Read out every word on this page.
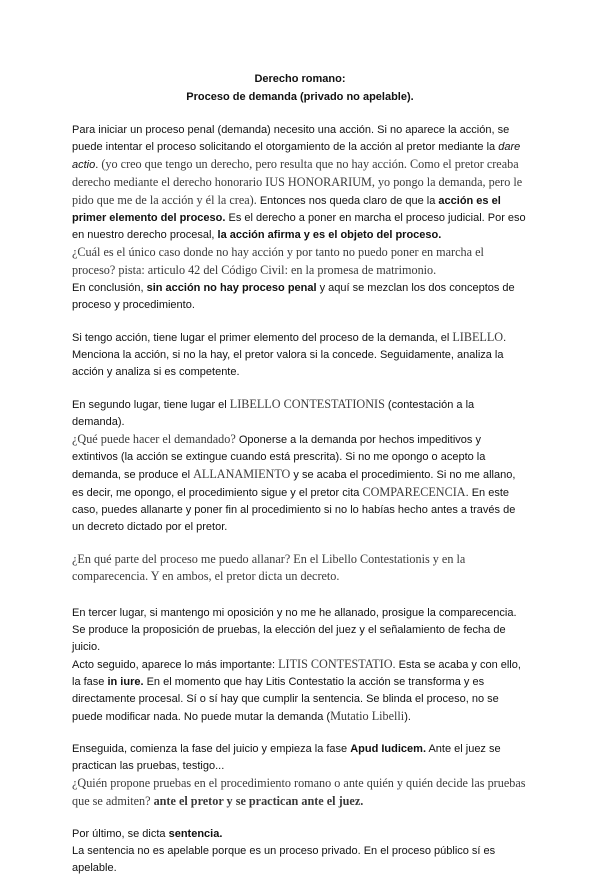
Derecho romano:
Proceso de demanda (privado no apelable).

Para iniciar un proceso penal (demanda) necesito una acción. Si no aparece la acción, se puede intentar el proceso solicitando el otorgamiento de la acción al pretor mediante la dare actio. (yo creo que tengo un derecho, pero resulta que no hay acción. Como el pretor creaba derecho mediante el derecho honorario IUS HONORARIUM, yo pongo la demanda, pero le pido que me de la acción y él la crea). Entonces nos queda claro de que la acción es el primer elemento del proceso. Es el derecho a poner en marcha el proceso judicial. Por eso en nuestro derecho procesal, la acción afirma y es el objeto del proceso.
¿Cuál es el único caso donde no hay acción y por tanto no puedo poner en marcha el proceso? pista: articulo 42 del Código Civil: en la promesa de matrimonio.
En conclusión, sin acción no hay proceso penal y aquí se mezclan los dos conceptos de proceso y procedimiento.

Si tengo acción, tiene lugar el primer elemento del proceso de la demanda, el LIBELLO. Menciona la acción, si no la hay, el pretor valora si la concede. Seguidamente, analiza la acción y analiza si es competente.

En segundo lugar, tiene lugar el LIBELLO CONTESTATIONIS (contestación a la demanda).
¿Qué puede hacer el demandado? Oponerse a la demanda por hechos impeditivos y extintivos (la acción se extingue cuando está prescrita). Si no me opongo o acepto la demanda, se produce el ALLANAMIENTO y se acaba el procedimiento. Si no me allano, es decir, me opongo, el procedimiento sigue y el pretor cita COMPARECENCIA. En este caso, puedes allanarte y poner fin al procedimiento si no lo habías hecho antes a través de un decreto dictado por el pretor.

¿En qué parte del proceso me puedo allanar? En el Libello Contestationis y en la comparecencia. Y en ambos, el pretor dicta un decreto.

En tercer lugar, si mantengo mi oposición y no me he allanado, prosigue la comparecencia. Se produce la proposición de pruebas, la elección del juez y el señalamiento de fecha de juicio.
Acto seguido, aparece lo más importante: LITIS CONTESTATIO. Esta se acaba y con ello, la fase in iure. En el momento que hay Litis Contestatio la acción se transforma y es directamente procesal. Sí o sí hay que cumplir la sentencia. Se blinda el proceso, no se puede modificar nada. No puede mutar la demanda (Mutatio Libelli).

Enseguida, comienza la fase del juicio y empieza la fase Apud Iudicem. Ante el juez se practican las pruebas, testigo...
¿Quién propone pruebas en el procedimiento romano o ante quién y quién decide las pruebas que se admiten? ante el pretor y se practican ante el juez.

Por último, se dicta sentencia.
La sentencia no es apelable porque es un proceso privado. En el proceso público sí es apelable.
